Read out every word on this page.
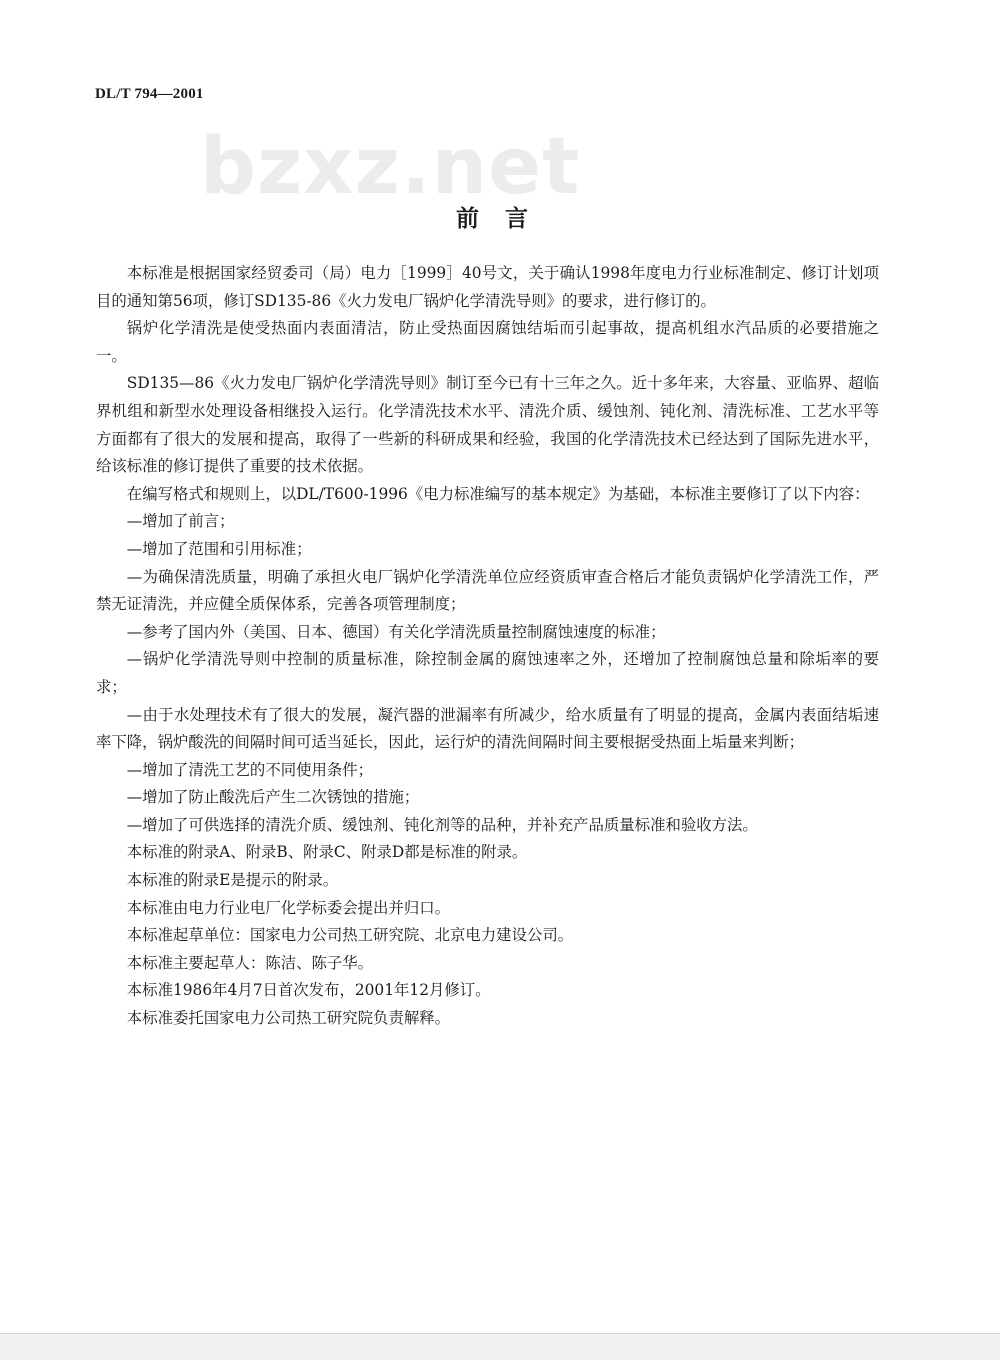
DL/T 794—2001
bzxz.net
前言

本标准是根据国家经贸委司（局）电力［1999］40号文，关于确认1998年度电力行业标准制定、修订计划项目的通知第56项，修订SD135-86《火力发电厂锅炉化学清洗导则》的要求，进行修订的。

锅炉化学清洗是使受热面内表面清洁，防止受热面因腐蚀结垢而引起事故，提高机组水汽品质的必要措施之一。

SD135—86《火力发电厂锅炉化学清洗导则》制订至今已有十三年之久。近十多年来，大容量、亚临界、超临界机组和新型水处理设备相继投入运行。化学清洗技术水平、清洗介质、缓蚀剂、钝化剂、清洗标准、工艺水平等方面都有了很大的发展和提高，取得了一些新的科研成果和经验，我国的化学清洗技术已经达到了国际先进水平，给该标准的修订提供了重要的技术依据。

在编写格式和规则上，以DL/T600-1996《电力标准编写的基本规定》为基础，本标准主要修订了以下内容：

—增加了前言；

—增加了范围和引用标准；

—为确保清洗质量，明确了承担火电厂锅炉化学清洗单位应经资质审查合格后才能负责锅炉化学清洗工作，严禁无证清洗，并应健全质保体系，完善各项管理制度；

—参考了国内外（美国、日本、德国）有关化学清洗质量控制腐蚀速度的标准；

—锅炉化学清洗导则中控制的质量标准，除控制金属的腐蚀速率之外，还增加了控制腐蚀总量和除垢率的要求；

—由于水处理技术有了很大的发展，凝汽器的泄漏率有所减少，给水质量有了明显的提高，金属内表面结垢速率下降，锅炉酸洗的间隔时间可适当延长，因此，运行炉的清洗间隔时间主要根据受热面上垢量来判断；

—增加了清洗工艺的不同使用条件；

—增加了防止酸洗后产生二次锈蚀的措施；

—增加了可供选择的清洗介质、缓蚀剂、钝化剂等的品种，并补充产品质量标准和验收方法。

本标准的附录A、附录B、附录C、附录D都是标准的附录。

本标准的附录E是提示的附录。

本标准由电力行业电厂化学标委会提出并归口。

本标准起草单位：国家电力公司热工研究院、北京电力建设公司。

本标准主要起草人：陈洁、陈子华。

本标准1986年4月7日首次发布，2001年12月修订。

本标准委托国家电力公司热工研究院负责解释。
